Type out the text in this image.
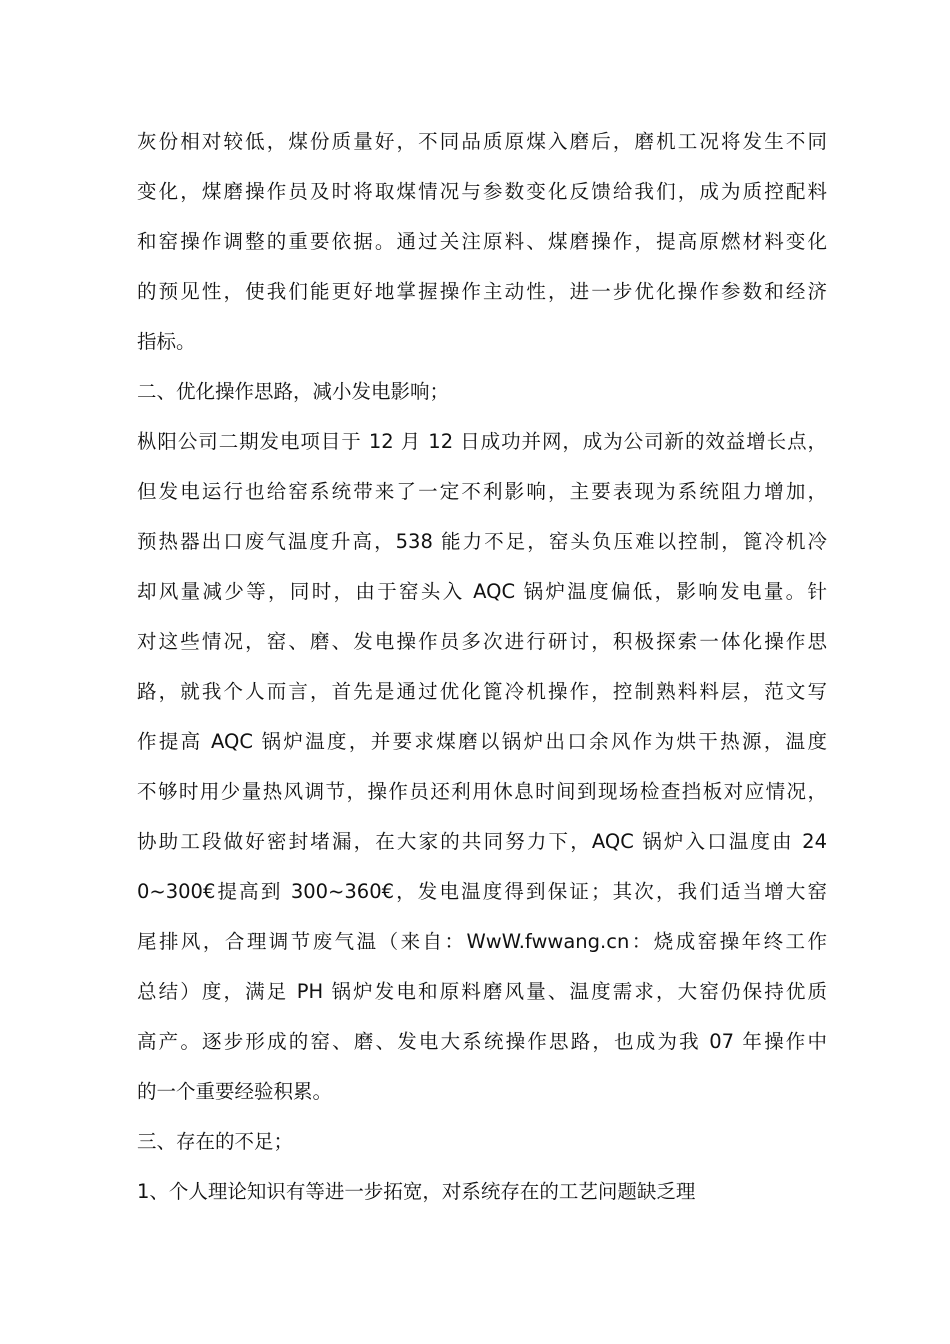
灰份相对较低，煤份质量好，不同品质原煤入磨后，磨机工况将发生不同
变化，煤磨操作员及时将取煤情况与参数变化反馈给我们，成为质控配料
和窑操作调整的重要依据。通过关注原料、煤磨操作，提高原燃材料变化
的预见性，使我们能更好地掌握操作主动性，进一步优化操作参数和经济
指标。
二、优化操作思路，减小发电影响；
枞阳公司二期发电项目于 12 月 12 日成功并网，成为公司新的效益增长点，
但发电运行也给窑系统带来了一定不利影响，主要表现为系统阻力增加，
预热器出口废气温度升高，538 能力不足，窑头负压难以控制，篦冷机冷
却风量减少等，同时，由于窑头入 AQC 锅炉温度偏低，影响发电量。针
对这些情况，窑、磨、发电操作员多次进行研讨，积极探索一体化操作思
路，就我个人而言，首先是通过优化篦冷机操作，控制熟料料层，范文写
作提高 AQC 锅炉温度，并要求煤磨以锅炉出口余风作为烘干热源，温度
不够时用少量热风调节，操作员还利用休息时间到现场检查挡板对应情况，
协助工段做好密封堵漏，在大家的共同努力下，AQC 锅炉入口温度由 24
0~300€提高到 300~360€，发电温度得到保证；其次，我们适当增大窑
尾排风，合理调节废气温（来自：WwW.fwwang.cn：烧成窑操年终工作
总结）度，满足 PH 锅炉发电和原料磨风量、温度需求，大窑仍保持优质
高产。逐步形成的窑、磨、发电大系统操作思路，也成为我 07 年操作中
的一个重要经验积累。
三、存在的不足；
1、个人理论知识有等进一步拓宽，对系统存在的工艺问题缺乏理
